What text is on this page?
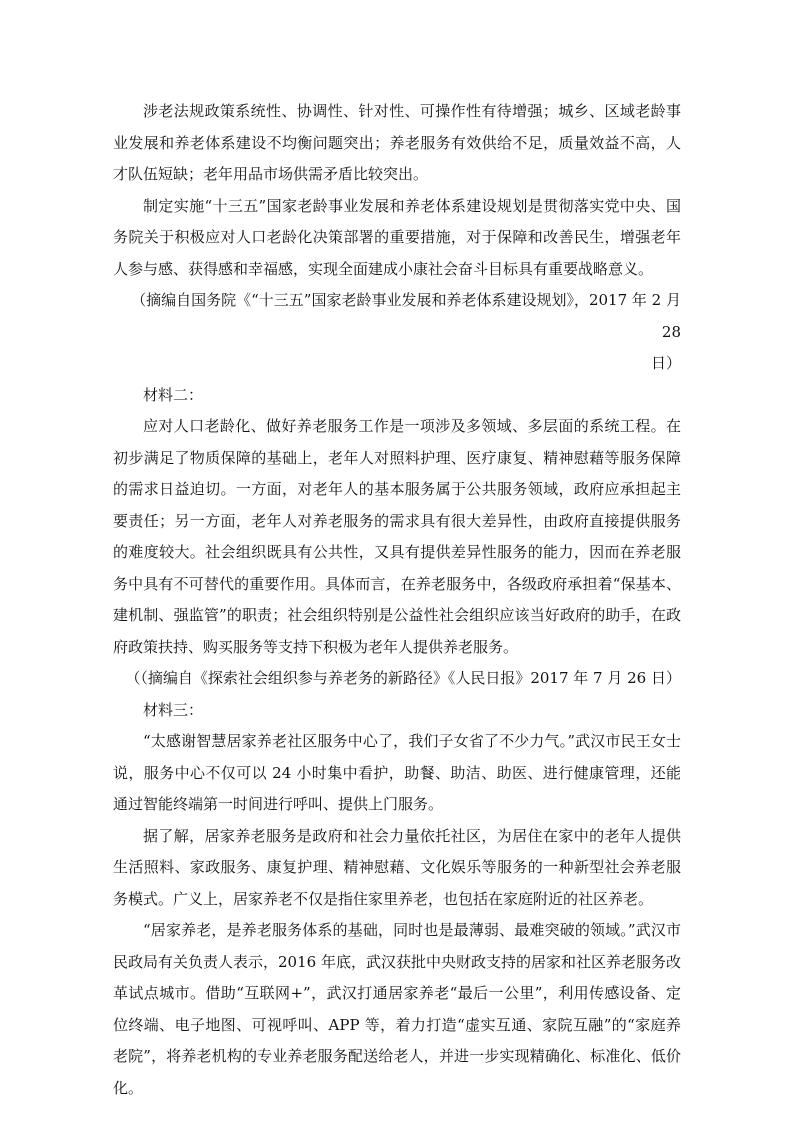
涉老法规政策系统性、协调性、针对性、可操作性有待增强；城乡、区域老龄事业发展和养老体系建设不均衡问题突出；养老服务有效供给不足，质量效益不高，人才队伍短缺；老年用品市场供需矛盾比较突出。

制定实施“十三五”国家老龄事业发展和养老体系建设规划是贯彻落实党中央、国务院关于积极应对人口老龄化决策部署的重要措施，对于保障和改善民生，增强老年人参与感、获得感和幸福感，实现全面建成小康社会奋斗目标具有重要战略意义。

（摘编自国务院《“十三五”国家老龄事业发展和养老体系建设规划》，2017 年 2 月 28

日）

材料二：

应对人口老龄化、做好养老服务工作是一项涉及多领域、多层面的系统工程。在初步满足了物质保障的基础上，老年人对照料护理、医疗康复、精神慰藉等服务保障的需求日益迫切。一方面，对老年人的基本服务属于公共服务领域，政府应承担起主要责任；另一方面，老年人对养老服务的需求具有很大差异性，由政府直接提供服务的难度较大。社会组织既具有公共性，又具有提供差异性服务的能力，因而在养老服务中具有不可替代的重要作用。具体而言，在养老服务中，各级政府承担着“保基本、建机制、强监管”的职责；社会组织特别是公益性社会组织应该当好政府的助手，在政府政策扶持、购买服务等支持下积极为老年人提供养老服务。

（（摘编自《探索社会组织参与养老务的新路径》《人民日报》2017 年 7 月 26 日）

材料三：

“太感谢智慧居家养老社区服务中心了，我们子女省了不少力气。”武汉市民王女士说，服务中心不仅可以 24 小时集中看护，助餐、助洁、助医、进行健康管理，还能通过智能终端第一时间进行呼叫、提供上门服务。

据了解，居家养老服务是政府和社会力量依托社区，为居住在家中的老年人提供生活照料、家政服务、康复护理、精神慰藉、文化娱乐等服务的一种新型社会养老服务模式。广义上，居家养老不仅是指住家里养老，也包括在家庭附近的社区养老。

“居家养老，是养老服务体系的基础，同时也是最薄弱、最难突破的领域。”武汉市民政局有关负责人表示，2016 年底，武汉获批中央财政支持的居家和社区养老服务改革试点城市。借助“互联网+”，武汉打通居家养老“最后一公里”，利用传感设备、定位终端、电子地图、可视呼叫、APP 等，着力打造“虚实互通、家院互融”的“家庭养老院”，将养老机构的专业养老服务配送给老人，并进一步实现精确化、标准化、低价化。
